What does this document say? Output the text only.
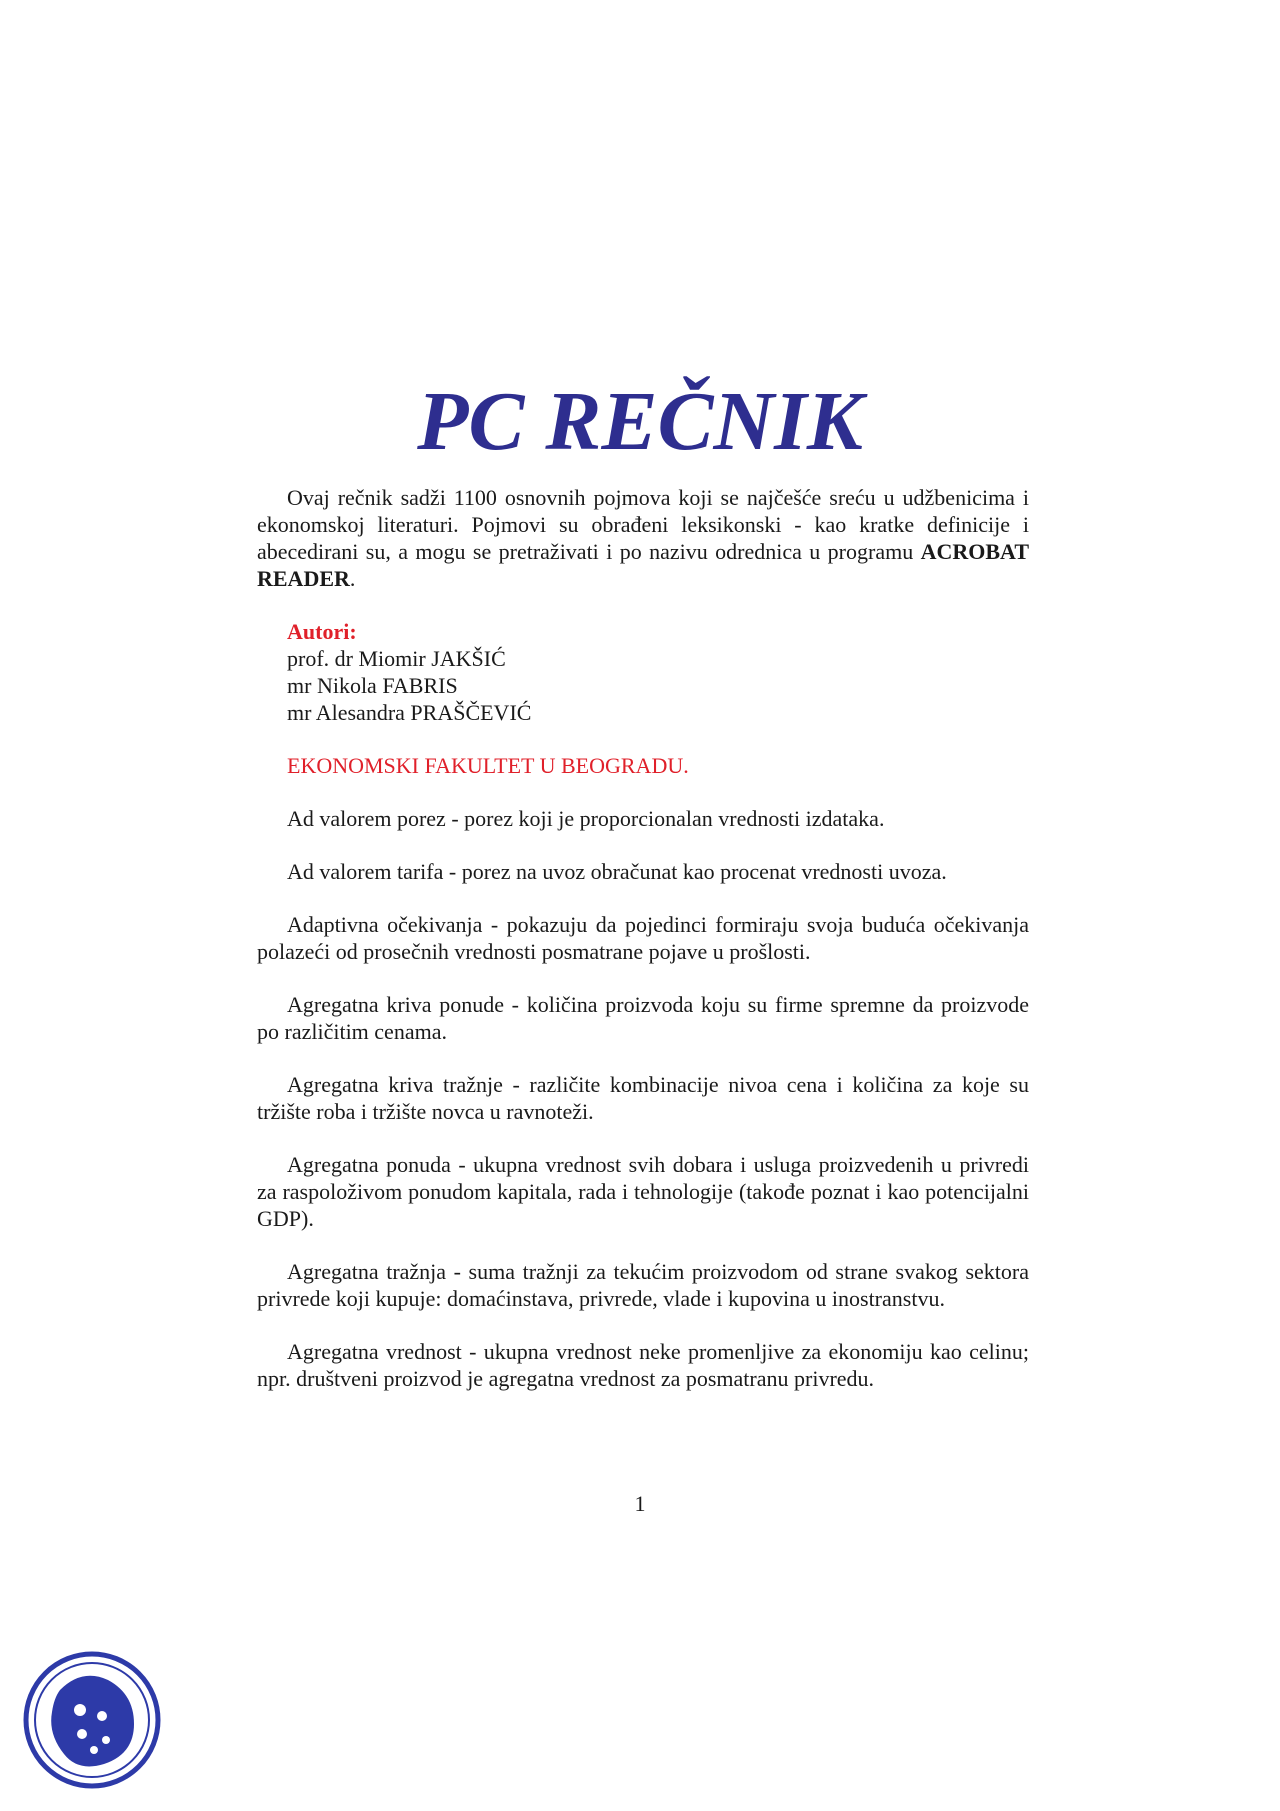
PC REČNIK

Ovaj rečnik sadži 1100 osnovnih pojmova koji se najčešće sreću u udžbenicima i ekonomskoj literaturi. Pojmovi su obrađeni leksikonski - kao kratke definicije i abecedirani su, a mogu se pretraživati i po nazivu odrednica u programu ACROBAT READER.

Autori:
prof. dr Miomir JAKŠIĆ
mr Nikola FABRIS
mr Alesandra PRAŠČEVIĆ
EKONOMSKI FAKULTET U BEOGRADU.

Ad valorem porez - porez koji je proporcionalan vrednosti izdataka.

Ad valorem tarifa - porez na uvoz obračunat kao procenat vrednosti uvoza.

Adaptivna očekivanja - pokazuju da pojedinci formiraju svoja buduća očekivanja polazeći od prosečnih vrednosti posmatrane pojave u prošlosti.

Agregatna kriva ponude - količina proizvoda koju su firme spremne da proizvode po različitim cenama.

Agregatna kriva tražnje - različite kombinacije nivoa cena i količina za koje su tržište roba i tržište novca u ravnoteži.

Agregatna ponuda - ukupna vrednost svih dobara i usluga proizvedenih u privredi za raspoloživom ponudom kapitala, rada i tehnologije (takođe poznat i kao potencijalni GDP).

Agregatna tražnja - suma tražnji za tekućim proizvodom od strane svakog sektora privrede koji kupuje: domaćinstava, privrede, vlade i kupovina u inostranstvu.

Agregatna vrednost - ukupna vrednost neke promenljive za ekonomiju kao celinu; npr. društveni proizvod je agregatna vrednost za posmatranu privredu.

1
